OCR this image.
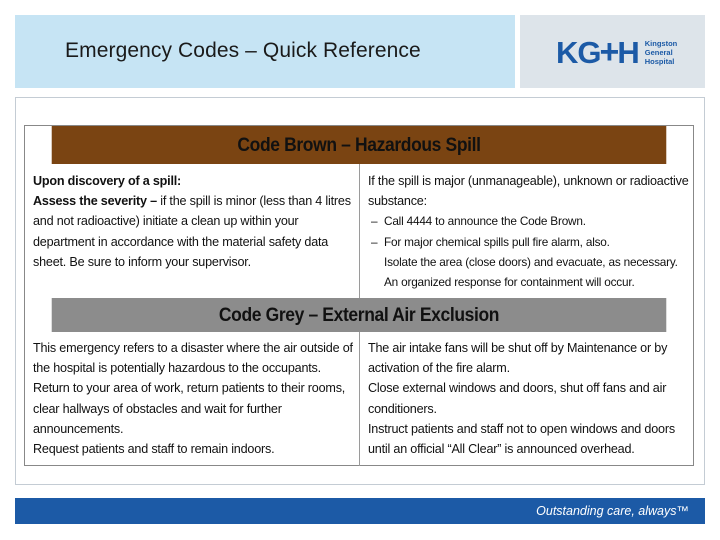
Emergency Codes – Quick Reference	KG + H Kingston
General
Hospital
Code Brown – Hazardous Spill
Upon discovery of a spill:
Assess the severity – if the spill is minor (less than 4 litres and not radioactive) initiate a clean up within your department in accordance with the material safety data sheet. Be sure to inform your supervisor.
If the spill is major (unmanageable), unknown or radioactive substance:
– Call 4444 to announce the Code Brown.
– For major chemical spills pull fire alarm, also.
Isolate the area (close doors) and evacuate, as necessary.
An organized response for containment will occur.
Code Grey – External Air Exclusion
This emergency refers to a disaster where the air outside of the hospital is potentially hazardous to the occupants.
Return to your area of work, return patients to their rooms, clear hallways of obstacles and wait for further announcements.
Request patients and staff to remain indoors.
The air intake fans will be shut off by Maintenance or by activation of the fire alarm.
Close external windows and doors, shut off fans and air conditioners.
Instruct patients and staff not to open windows and doors until an official “All Clear” is announced overhead.
Outstanding care, always™
